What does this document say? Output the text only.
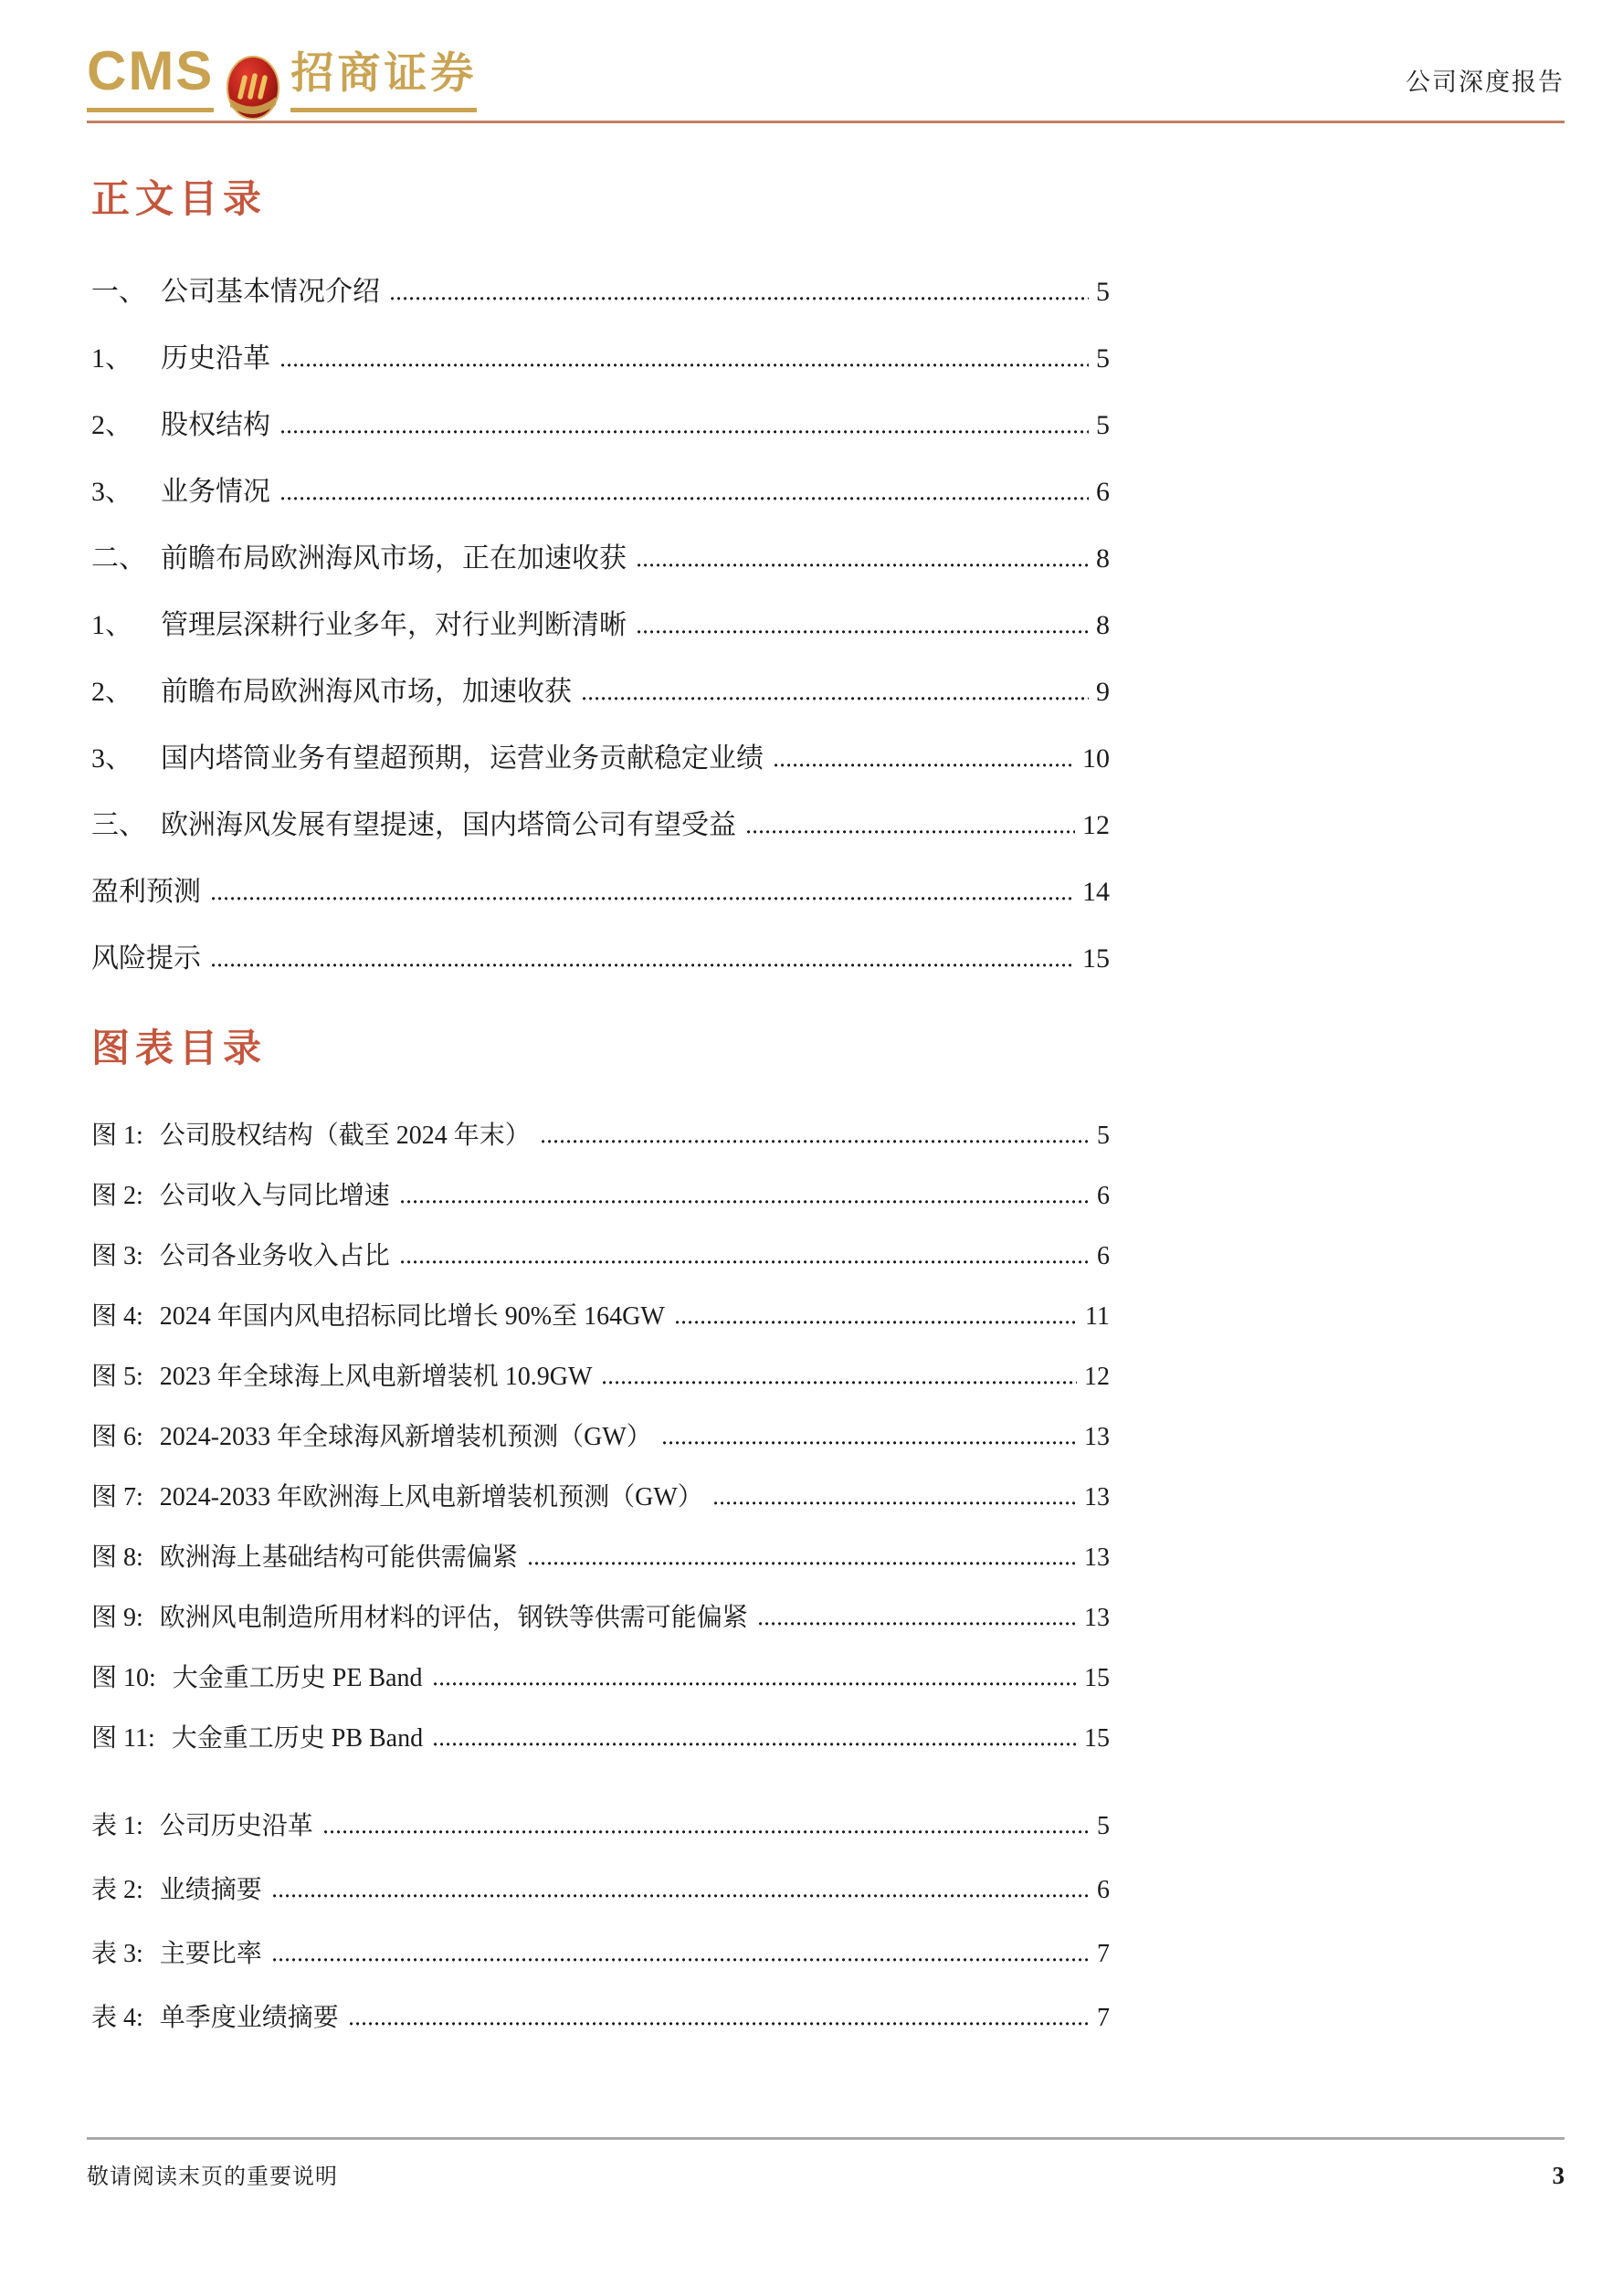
CMS 招商证券	公司深度报告
正文目录
一、 公司基本情况介绍	5
1、	历史沿革	5
2、	股权结构	5
3、	业务情况	6
二、 前瞻布局欧洲海风市场，正在加速收获	8
1、	管理层深耕行业多年，对行业判断清晰	8
2、	前瞻布局欧洲海风市场，加速收获	9
3、	国内塔筒业务有望超预期，运营业务贡献稳定业绩	10
三、 欧洲海风发展有望提速，国内塔筒公司有望受益	12
盈利预测	14
风险提示	15
图表目录
图 1: 公司股权结构（截至 2024 年末）	5
图 2: 公司收入与同比增速	6
图 3: 公司各业务收入占比	6
图 4: 2024 年国内风电招标同比增长 90%至 164GW	11
图 5: 2023 年全球海上风电新增装机 10.9GW	12
图 6: 2024-2033 年全球海风新增装机预测（GW）	13
图 7: 2024-2033 年欧洲海上风电新增装机预测（GW）	13
图 8: 欧洲海上基础结构可能供需偏紧	13
图 9: 欧洲风电制造所用材料的评估，钢铁等供需可能偏紧	13
图 10: 大金重工历史 PE Band	15
图 11: 大金重工历史 PB Band	15
表 1: 公司历史沿革	5
表 2: 业绩摘要	6
表 3: 主要比率	7
表 4: 单季度业绩摘要	7
敬请阅读末页的重要说明	3
